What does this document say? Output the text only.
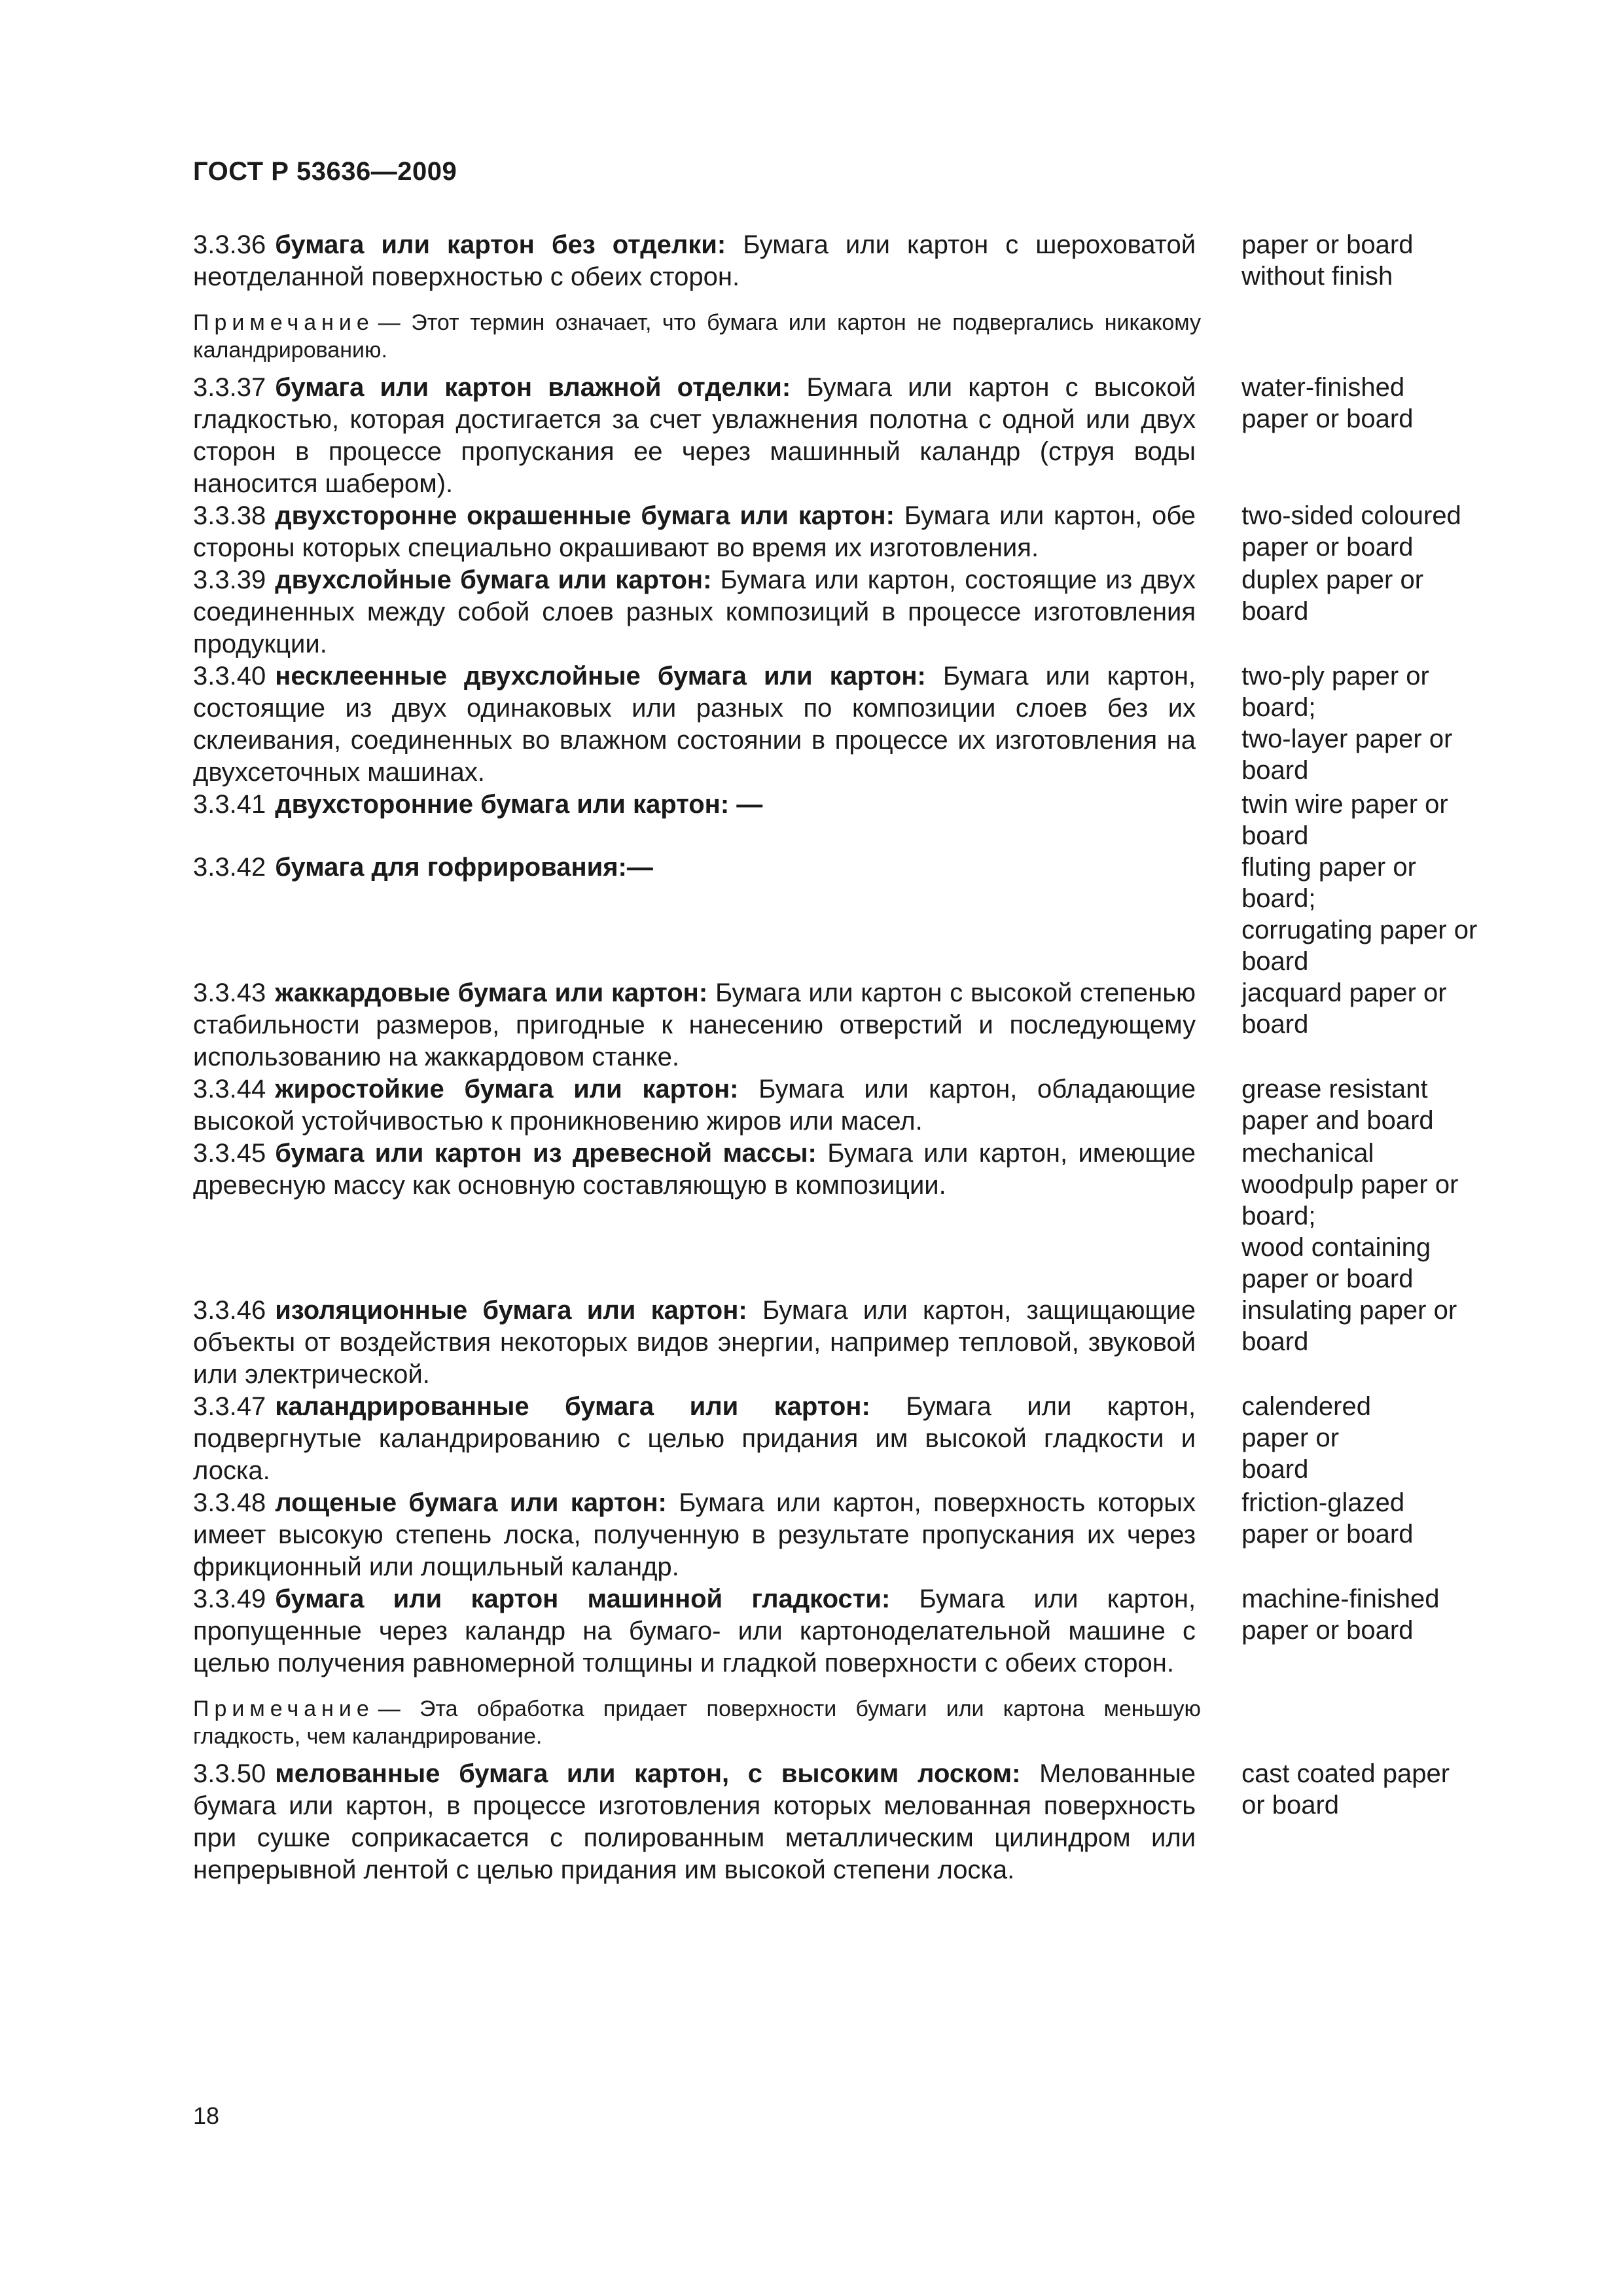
ГОСТ Р 53636—2009
3.3.36 бумага или картон без отделки: Бумага или картон с шероховатой неотделанной поверхностью с обеих сторон.
paper or board
without finish
Примечание — Этот термин означает, что бумага или картон не подвергались никакому каландрированию.
3.3.37 бумага или картон влажной отделки: Бумага или картон с высокой гладкостью, которая достигается за счет увлажнения полотна с одной или двух сторон в процессе пропускания ее через машинный каландр (струя воды наносится шабером).
water-finished
paper or board
3.3.38 двухсторонне окрашенные бумага или картон: Бумага или картон, обе стороны которых специально окрашивают во время их изготовления.
two-sided coloured
paper or board
3.3.39 двухслойные бумага или картон: Бумага или картон, состоящие из двух соединенных между собой слоев разных композиций в процессе изготовления продукции.
duplex paper or
board
3.3.40 несклеенные двухслойные бумага или картон: Бумага или картон, состоящие из двух одинаковых или разных по композиции слоев без их склеивания, соединенных во влажном состоянии в процессе их изготовления на двухсеточных машинах.
two-ply paper or
board;
two-layer paper or
board
3.3.41 двухсторонние бумага или картон: —	twin wire paper or
board
3.3.42 бумага для гофрирования:—	fluting paper or
board;
corrugating paper or
board
3.3.43 жаккардовые бумага или картон: Бумага или картон с высокой степенью стабильности размеров, пригодные к нанесению отверстий и последующему использованию на жаккардовом станке.
jacquard paper or
board
3.3.44 жиростойкие бумага или картон: Бумага или картон, обладающие высокой устойчивостью к проникновению жиров или масел.
grease resistant
paper and board
3.3.45 бумага или картон из древесной массы: Бумага или картон, имеющие древесную массу как основную составляющую в композиции.
mechanical
woodpulp paper or
board;
wood containing
paper or board
3.3.46 изоляционные бумага или картон: Бумага или картон, защищающие объекты от воздействия некоторых видов энергии, например тепловой, звуковой или электрической.
insulating paper or
board
3.3.47 каландрированные бумага или картон: Бумага или картон, подвергнутые каландрированию с целью придания им высокой гладкости и лоска.
calendered
paper or
board
3.3.48 лощеные бумага или картон: Бумага или картон, поверхность которых имеет высокую степень лоска, полученную в результате пропускания их через фрикционный или лощильный каландр.
friction-glazed
paper or board
3.3.49 бумага или картон машинной гладкости: Бумага или картон, пропущенные через каландр на бумаго- или картоноделательной машине с целью получения равномерной толщины и гладкой поверхности с обеих сторон.
machine-finished
paper or board
Примечание — Эта обработка придает поверхности бумаги или картона меньшую гладкость, чем каландрирование.
3.3.50 мелованные бумага или картон, с высоким лоском: Мелованные бумага или картон, в процессе изготовления которых мелованная поверхность при сушке соприкасается с полированным металлическим цилиндром или непрерывной лентой с целью придания им высокой степени лоска.
cast coated paper
or board
18
